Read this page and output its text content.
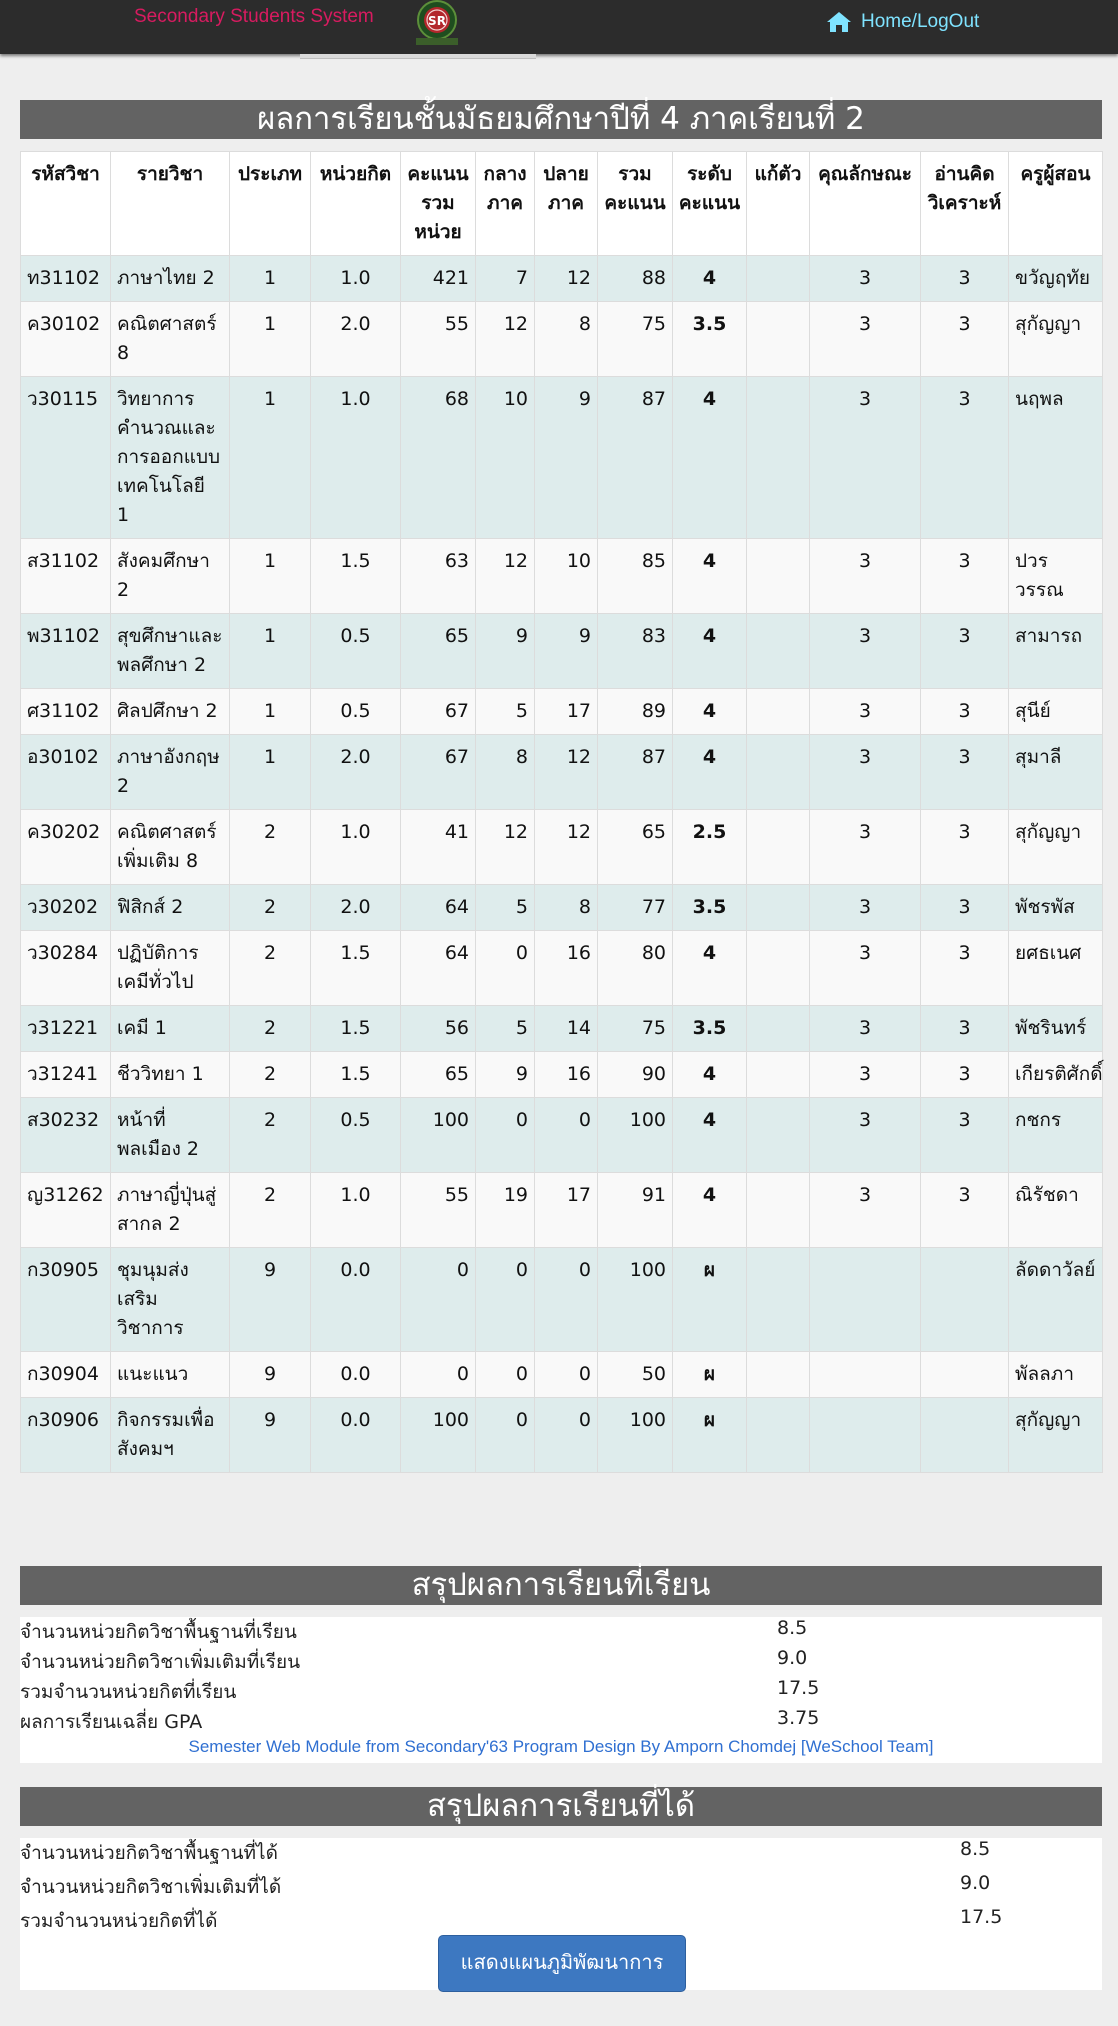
Secondary Students System	SR	Home/LogOut
ผลการเรียนชั้นมัธยมศึกษาปีที่ 4 ภาคเรียนที่ 2
รหัสวิชา	รายวิชา	ประเภท	หน่วยกิต	คะแนนรวมหน่วย	กลางภาค	ปลายภาค	รวมคะแนน	ระดับคะแนน	แก้ตัว	คุณลักษณะ	อ่านคิดวิเคราะห์	ครูผู้สอน
ท31102	ภาษาไทย 2	1	1.0	421	7	12	88	4		3	3	ขวัญฤทัย
ค30102	คณิตศาสตร์ 8	1	2.0	55	12	8	75	3.5		3	3	สุกัญญา
ว30115	วิทยาการคำนวณและการออกแบบเทคโนโลยี 1	1	1.0	68	10	9	87	4		3	3	นฤพล
ส31102	สังคมศึกษา 2	1	1.5	63	12	10	85	4		3	3	ปวรวรรณ
พ31102	สุขศึกษาและพลศึกษา 2	1	0.5	65	9	9	83	4		3	3	สามารถ
ศ31102	ศิลปศึกษา 2	1	0.5	67	5	17	89	4		3	3	สุนีย์
อ30102	ภาษาอังกฤษ 2	1	2.0	67	8	12	87	4		3	3	สุมาลี
ค30202	คณิตศาสตร์เพิ่มเติม 8	2	1.0	41	12	12	65	2.5		3	3	สุกัญญา
ว30202	ฟิสิกส์ 2	2	2.0	64	5	8	77	3.5		3	3	พัชรพัส
ว30284	ปฏิบัติการเคมีทั่วไป	2	1.5	64	0	16	80	4		3	3	ยศธเนศ
ว31221	เคมี 1	2	1.5	56	5	14	75	3.5		3	3	พัชรินทร์
ว31241	ชีววิทยา 1	2	1.5	65	9	16	90	4		3	3	เกียรติศักดิ์
ส30232	หน้าที่พลเมือง 2	2	0.5	100	0	0	100	4		3	3	กชกร
ญ31262	ภาษาญี่ปุ่นสู่สากล 2	2	1.0	55	19	17	91	4		3	3	ณิรัชดา
ก30905	ชุมนุมส่งเสริมวิชาการ	9	0.0	0	0	0	100	ผ				ลัดดาวัลย์
ก30904	แนะแนว	9	0.0	0	0	0	50	ผ				พัลลภา
ก30906	กิจกรรมเพื่อสังคมฯ	9	0.0	100	0	0	100	ผ				สุกัญญา
สรุปผลการเรียนที่เรียน
จำนวนหน่วยกิตวิชาพื้นฐานที่เรียน	8.5
จำนวนหน่วยกิตวิชาเพิ่มเติมที่เรียน	9.0
รวมจำนวนหน่วยกิตที่เรียน	17.5
ผลการเรียนเฉลี่ย GPA	3.75
Semester Web Module from Secondary'63 Program Design By Amporn Chomdej [WeSchool Team]
สรุปผลการเรียนที่ได้
จำนวนหน่วยกิตวิชาพื้นฐานที่ได้	8.5
จำนวนหน่วยกิตวิชาเพิ่มเติมที่ได้	9.0
รวมจำนวนหน่วยกิตที่ได้	17.5
แสดงแผนภูมิพัฒนาการ
